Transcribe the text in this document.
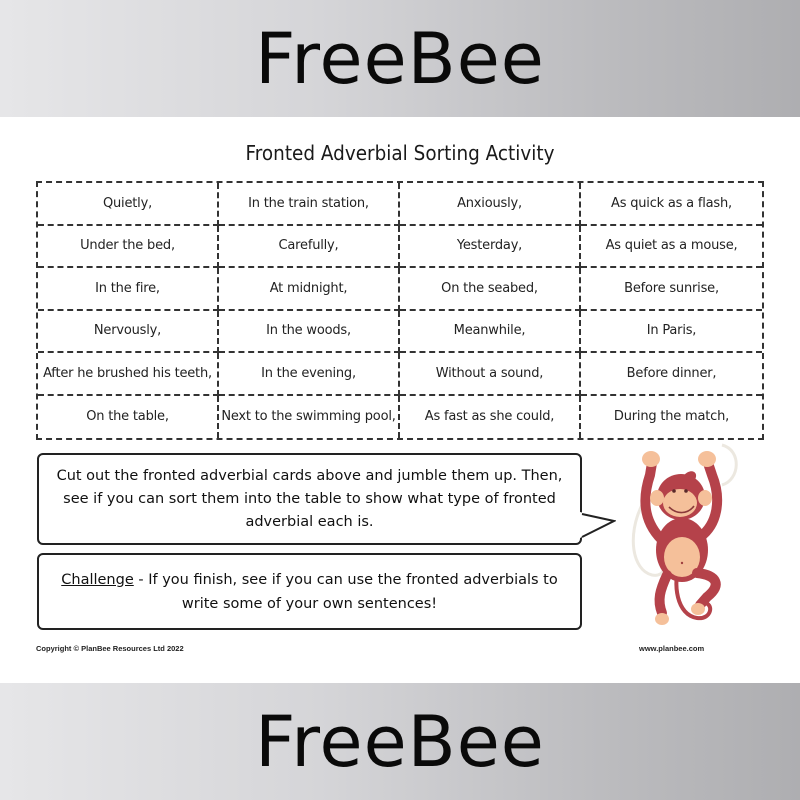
FreeBee
Fronted Adverbial Sorting Activity
Quietly,	In the train station,	Anxiously,	As quick as a flash,
Under the bed,	Carefully,	Yesterday,	As quiet as a mouse,
In the fire,	At midnight,	On the seabed,	Before sunrise,
Nervously,	In the woods,	Meanwhile,	In Paris,
After he brushed his teeth,	In the evening,	Without a sound,	Before dinner,
On the table,	Next to the swimming pool,	As fast as she could,	During the match,
Cut out the fronted adverbial cards above and jumble them up. Then, see if you can sort them into the table to show what type of fronted adverbial each is.
Challenge - If you finish, see if you can use the fronted adverbials to write some of your own sentences!
Copyright © PlanBee Resources Ltd 2022	www.planbee.com
FreeBee
